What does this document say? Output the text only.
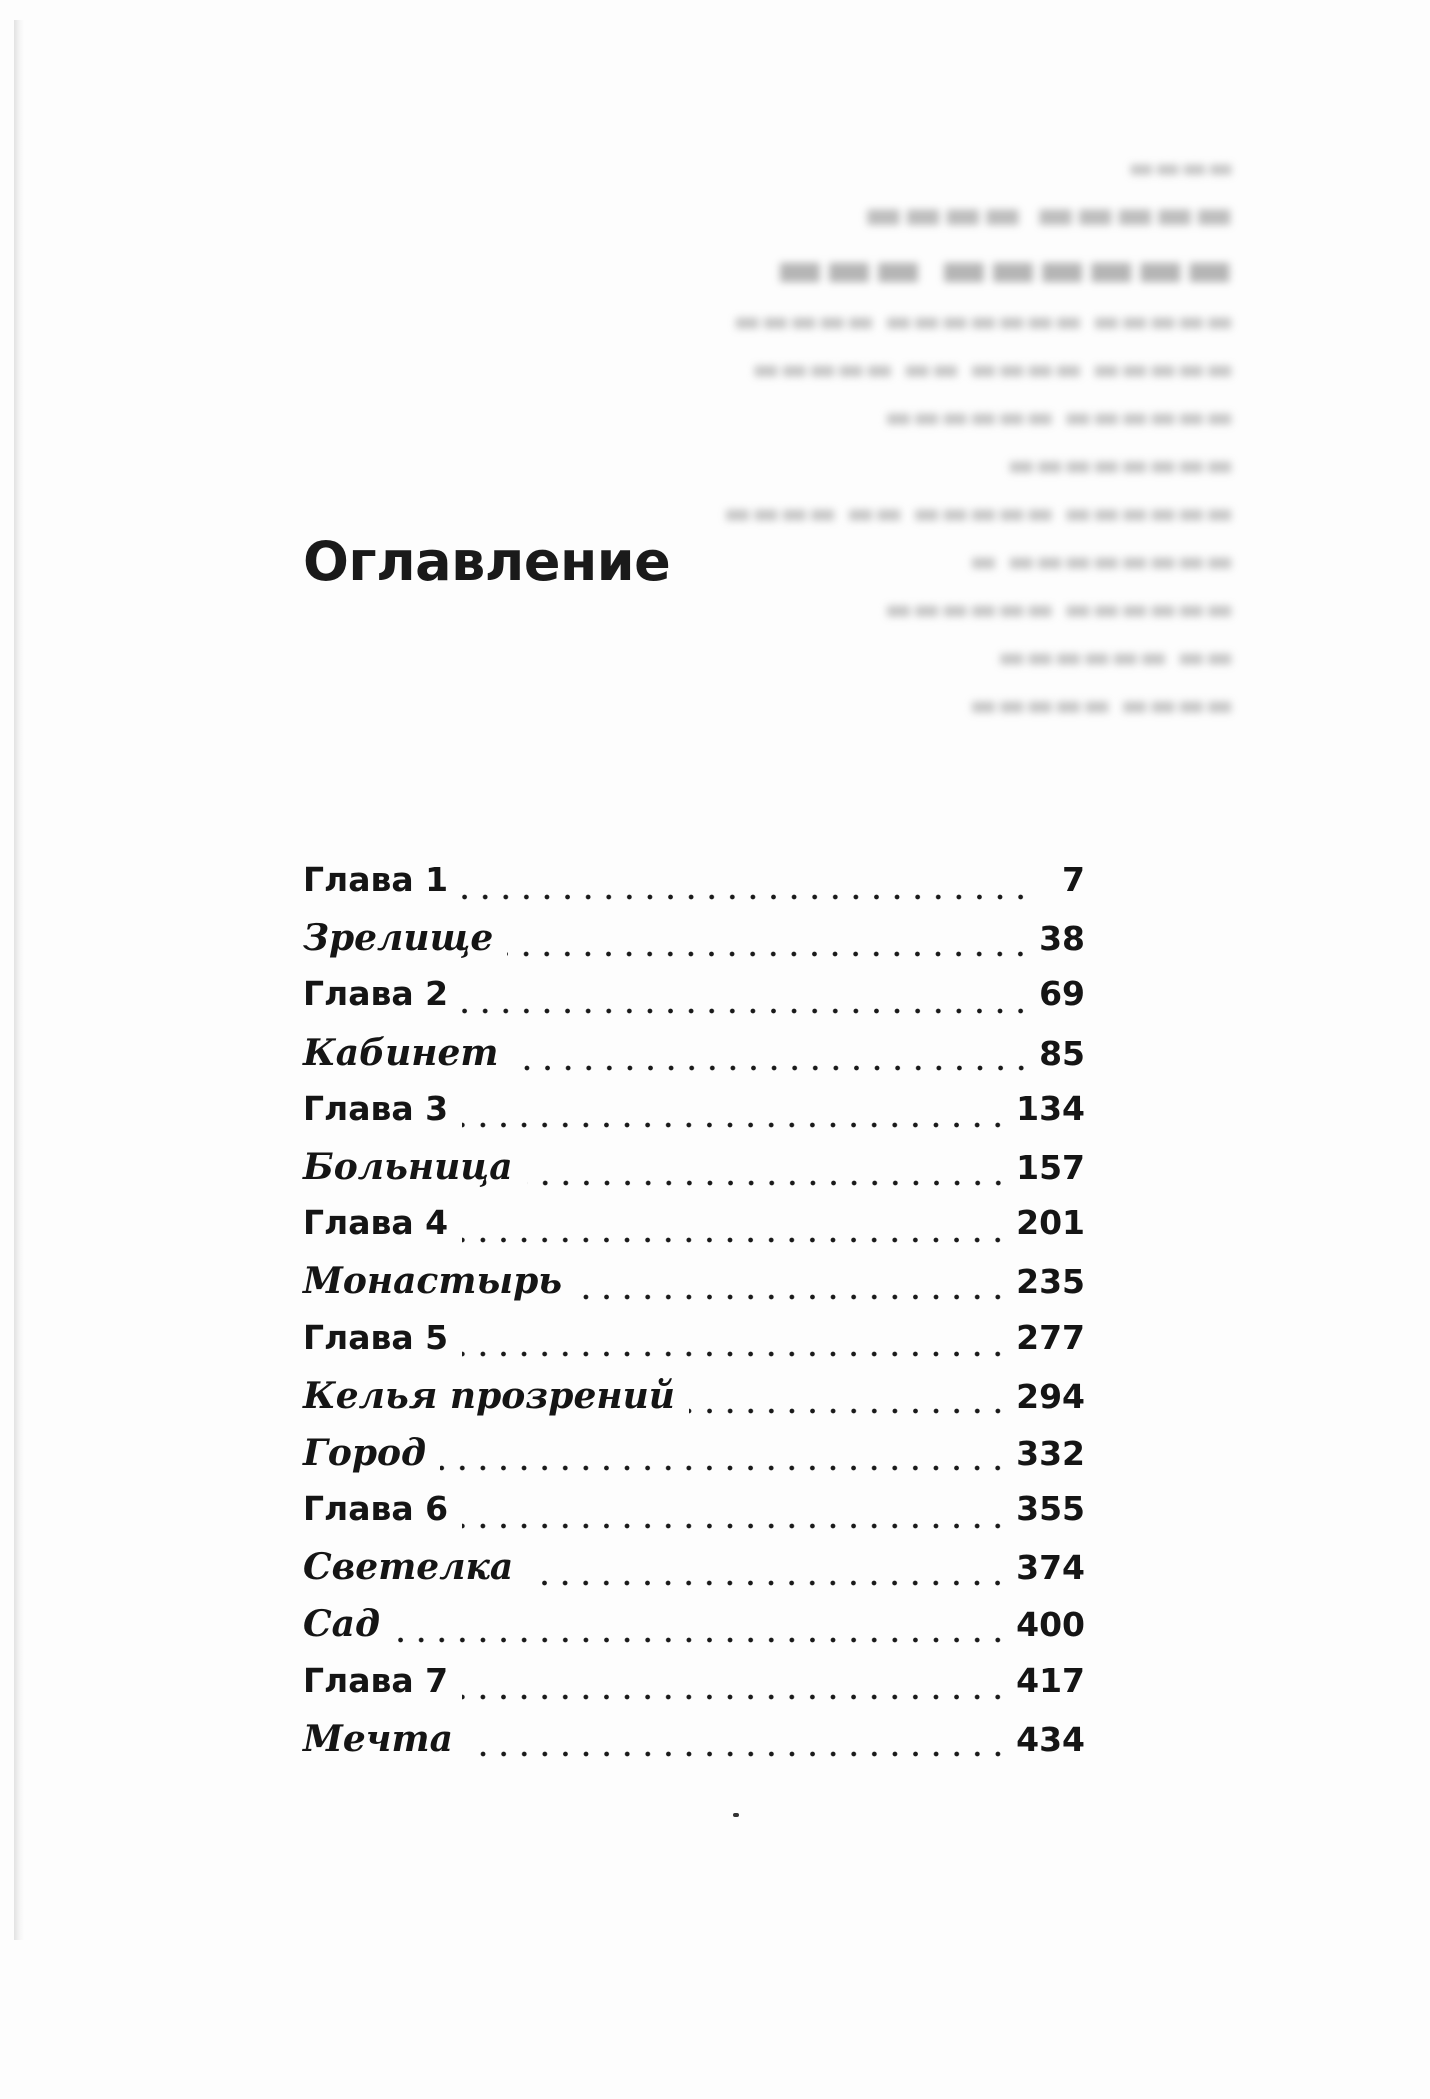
▬▬▬▬
▬▬▬▬ ▬▬▬▬▬
▬▬▬ ▬▬▬▬▬▬
▬▬▬▬▬ ▬▬▬▬▬▬▬ ▬▬▬▬▬
▬▬▬▬▬ ▬▬ ▬▬▬▬ ▬▬▬▬▬
▬▬▬▬▬▬ ▬▬▬▬▬▬ ▬▬▬▬▬▬▬▬
▬▬▬▬ ▬▬ ▬▬▬▬▬ ▬▬▬▬▬▬
▬ ▬▬▬▬▬▬▬▬
▬▬▬▬▬▬ ▬▬▬▬▬▬
▬▬▬▬▬▬ ▬▬
▬▬▬▬▬ ▬▬▬▬
Оглавление
Глава 1	7
Зрелище	38
Глава 2	69
Кабинет	85
Глава 3	134
Больница	157
Глава 4	201
Монастырь	235
Глава 5	277
Келья прозрений	294
Город	332
Глава 6	355
Светелка	374
Сад	400
Глава 7	417
Мечта	434
